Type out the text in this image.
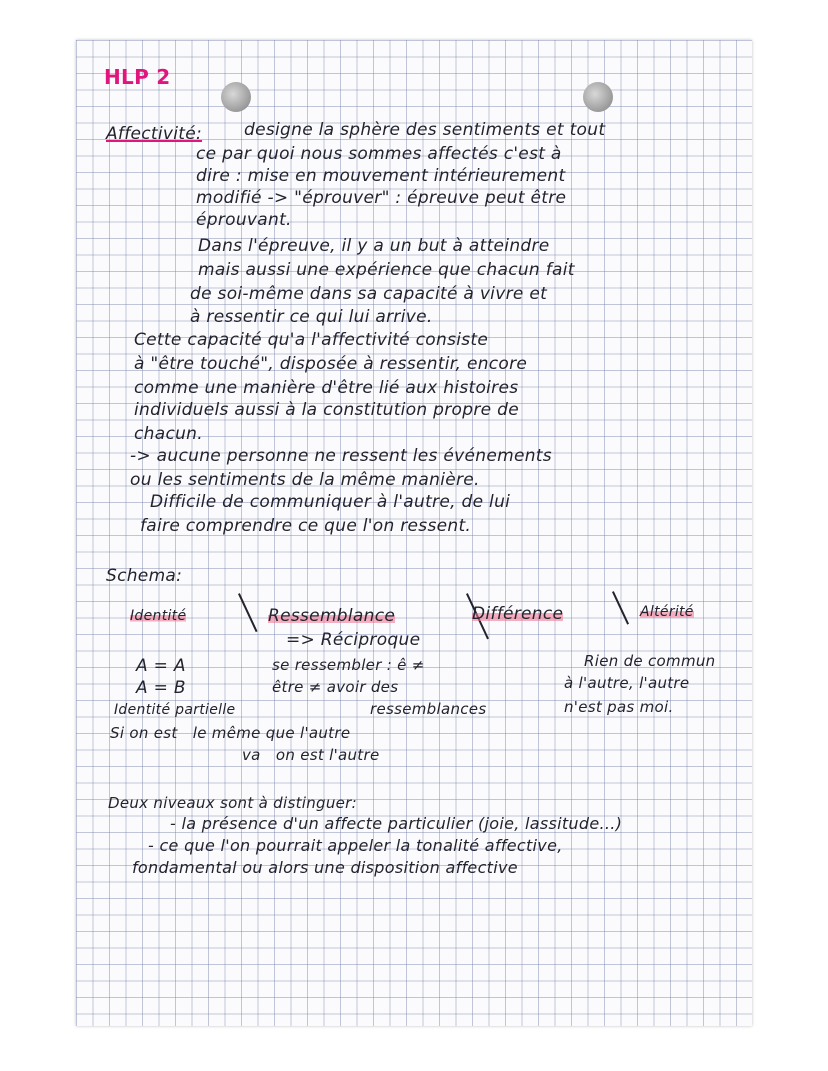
HLP 2
Affectivité: designe la sphère des sentiments et tout
ce par quoi nous sommes affectés c'est à
dire : mise en mouvement intérieurement
modifié -> "éprouver" : épreuve peut être
éprouvant.
Dans l'épreuve, il y a un but à atteindre
mais aussi une expérience que chacun fait
de soi-même dans sa capacité à vivre et
à ressentir ce qui lui arrive.
Cette capacité qu'a l'affectivité consiste
à "être touché", disposée à ressentir, encore
comme une manière d'être lié aux histoires
individuels aussi à la constitution propre de
chacun.
-> aucune personne ne ressent les événements
ou les sentiments de la même manière.
Difficile de communiquer à l'autre, de lui
faire comprendre ce que l'on ressent.
Schema:
Identité	Ressemblance
=> Réciproque
Différence	Altérité
A = A
A = B
se ressembler : ê ≠
être ≠ avoir des
ressemblances
Rien de commun
à l'autre, l'autre
n'est pas moi.
Identité partielle
Si on est   le même que l'autre
va   on est l'autre
Deux niveaux sont à distinguer:
- la présence d'un affecte particulier (joie, lassitude...)
- ce que l'on pourrait appeler la tonalité affective,
fondamental ou alors une disposition affective
